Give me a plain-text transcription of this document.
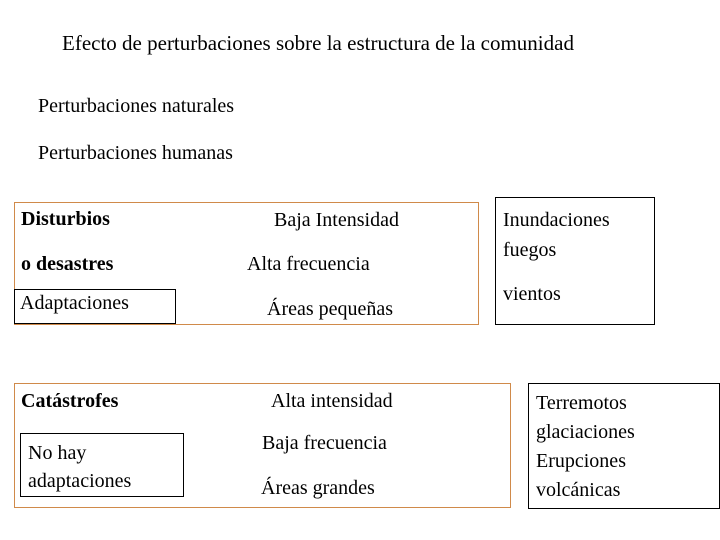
Efecto de perturbaciones sobre la estructura de la comunidad
Perturbaciones naturales
Perturbaciones humanas
Disturbios
o desastres
Adaptaciones
Baja Intensidad
Alta frecuencia
Áreas pequeñas
Inundaciones
fuegos
vientos
Catástrofes
No hay
adaptaciones
Alta intensidad
Baja frecuencia
Áreas grandes
Terremotos
glaciaciones
Erupciones
volcánicas
